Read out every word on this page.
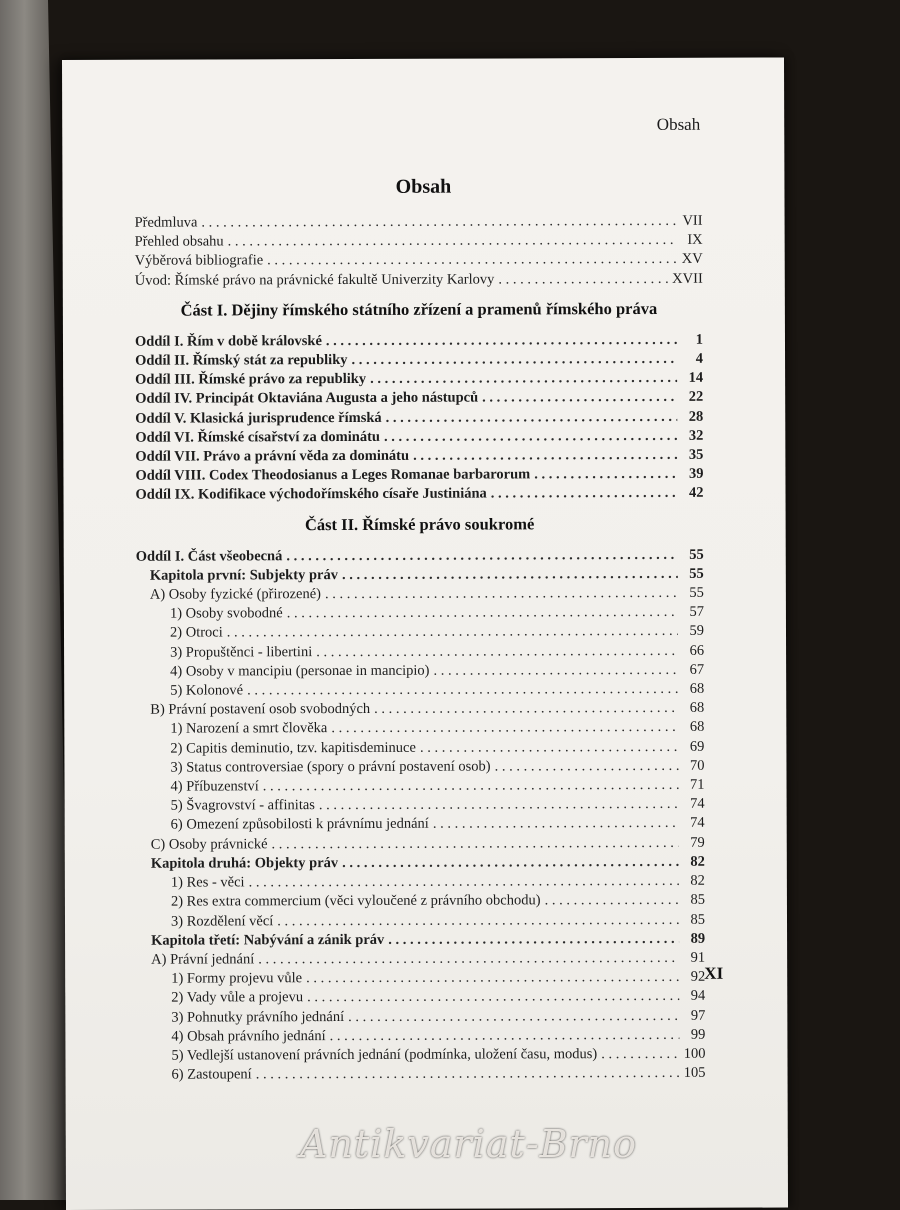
Obsah
Obsah
Předmluva . . .	VII
Přehled obsahu . . .	IX
Výběrová bibliografie . . .	XV
Úvod: Římské právo na právnické fakultě Univerzity Karlovy . . .	XVII
Část I. Dějiny římského státního zřízení a pramenů římského práva
Oddíl I. Řím v době královské . . .	1
Oddíl II. Římský stát za republiky . . .	4
Oddíl III. Římské právo za republiky . . .	14
Oddíl IV. Principát Oktaviána Augusta a jeho nástupců . . .	22
Oddíl V. Klasická jurisprudence římská . . .	28
Oddíl VI. Římské císařství za dominátu . . .	32
Oddíl VII. Právo a právní věda za dominátu . . .	35
Oddíl VIII. Codex Theodosianus a Leges Romanae barbarorum . . .	39
Oddíl IX. Kodifikace východořímského císaře Justiniána . . .	42
Část II. Římské právo soukromé
Oddíl I. Část všeobecná . . .	55
Kapitola první: Subjekty práv . . .	55
A) Osoby fyzické (přirozené) . . .	55
1) Osoby svobodné . . .	57
2) Otroci . . .	59
3) Propuštěnci - libertini . . .	66
4) Osoby v mancipiu (personae in mancipio) . . .	67
5) Kolonové . . .	68
B) Právní postavení osob svobodných . . .	68
1) Narození a smrt člověka . . .	68
2) Capitis deminutio, tzv. kapitisdeminuce . . .	69
3) Status controversiae (spory o právní postavení osob) . . .	70
4) Příbuzenství . . .	71
5) Švagrovství - affinitas . . .	74
6) Omezení způsobilosti k právnímu jednání . . .	74
C) Osoby právnické . . .	79
Kapitola druhá: Objekty práv . . .	82
1) Res - věci . . .	82
2) Res extra commercium (věci vyloučené z právního obchodu) . . .	85
3) Rozdělení věcí . . .	85
Kapitola třetí: Nabývání a zánik práv . . .	89
A) Právní jednání . . .	91
1) Formy projevu vůle . . .	92
2) Vady vůle a projevu . . .	94
3) Pohnutky právního jednání . . .	97
4) Obsah právního jednání . . .	99
5) Vedlejší ustanovení právních jednání (podmínka, uložení času, modus) . . .	100
6) Zastoupení . . .	105
XI
Antikvariat-Brno
